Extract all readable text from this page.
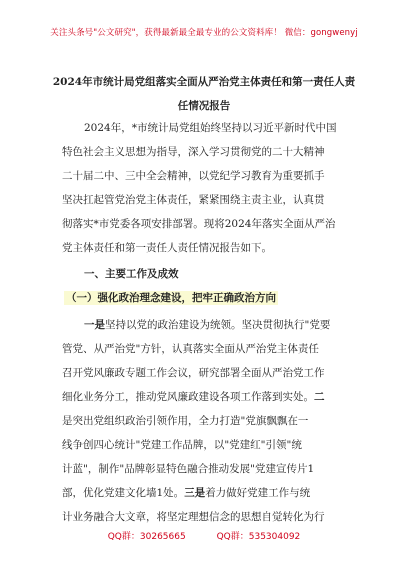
关注头条号"公文研究"，获得最新最全最专业的公文资料库！ 微信：gongwenyj
2024年市统计局党组落实全面从严治党主体责任和第一责任人责任情况报告
2024年，*市统计局党组始终坚持以习近平新时代中国
特色社会主义思想为指导，深入学习贯彻党的二十大精神
二十届二中、三中全会精神，以党纪学习教育为重要抓手
坚决扛起管党治党主体责任，紧紧围绕主责主业，认真贯
彻落实*市党委各项安排部署。现将2024年落实全面从严治
党主体责任和第一责任人责任情况报告如下。
一、主要工作及成效
（一）强化政治理念建设，把牢正确政治方向
一是坚持以党的政治建设为统领。坚决贯彻执行"党要
管党、从严治党"方针，认真落实全面从严治党主体责任
召开党风廉政专题工作会议，研究部署全面从严治党工作
细化业务分工，推动党风廉政建设各项工作落到实处。二
是突出党组织政治引领作用，全力打造"党旗飘飘在一
线争创四心统计"党建工作品牌，以"党建红"引领"统
计蓝"，制作"品牌彰显特色融合推动发展"党建宣传片1
部，优化党建文化墙1处。三是着力做好党建工作与统
计业务融合大文章，将坚定理想信念的思想自觉转化为行
QQ群：30265665	QQ群：535304092
